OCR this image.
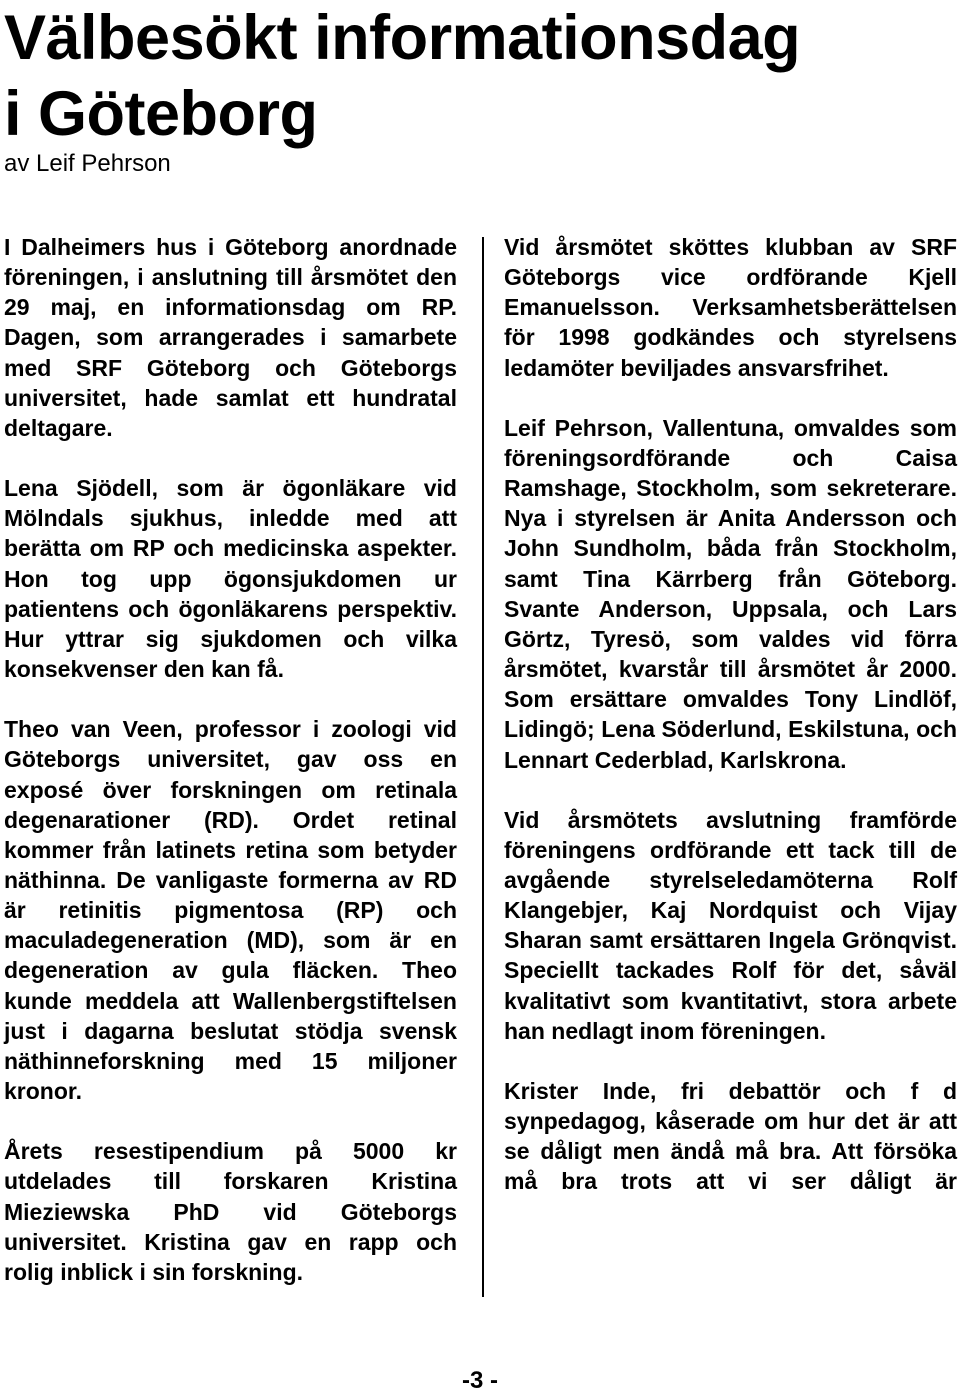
Välbesökt informationsdag
i Göteborg

av Leif Pehrson

I Dalheimers hus i Göteborg anordnade föreningen, i anslutning till årsmötet den 29 maj, en informationsdag om RP. Dagen, som arrangerades i samarbete med SRF Göteborg och Göteborgs universitet, hade samlat ett hundratal deltagare.

Lena Sjödell, som är ögonläkare vid Mölndals sjukhus, inledde med att berätta om RP och medicinska aspekter. Hon tog upp ögonsjukdomen ur patientens och ögonläkarens perspektiv. Hur yttrar sig sjukdomen och vilka konsekvenser den kan få.

Theo van Veen, professor i zoologi vid Göteborgs universitet, gav oss en exposé över forskningen om retinala degenarationer (RD). Ordet retinal kommer från latinets retina som betyder näthinna. De vanligaste formerna av RD är retinitis pigmentosa (RP) och maculadegeneration (MD), som är en degeneration av gula fläcken. Theo kunde meddela att Wallenbergstiftelsen just i dagarna beslutat stödja svensk näthinneforskning med 15 miljoner kronor.

Årets resestipendium på 5000 kr utdelades till forskaren Kristina Mieziewska PhD vid Göteborgs universitet. Kristina gav en rapp och rolig inblick i sin forskning.

Vid årsmötet sköttes klubban av SRF Göteborgs vice ordförande Kjell Emanuelsson. Verksamhetsberättelsen för 1998 godkändes och styrelsens ledamöter beviljades ansvarsfrihet.

Leif Pehrson, Vallentuna, omvaldes som föreningsordförande och Caisa Ramshage, Stockholm, som sekreterare. Nya i styrelsen är Anita Andersson och John Sundholm, båda från Stockholm, samt Tina Kärrberg från Göteborg. Svante Anderson, Uppsala, och Lars Görtz, Tyresö, som valdes vid förra årsmötet, kvarstår till årsmötet år 2000. Som ersättare omvaldes Tony Lindlöf, Lidingö; Lena Söderlund, Eskilstuna, och Lennart Cederblad, Karlskrona.

Vid årsmötets avslutning framförde föreningens ordförande ett tack till de avgående styrelseledamöterna Rolf Klangebjer, Kaj Nordquist och Vijay Sharan samt ersättaren Ingela Grönqvist. Speciellt tackades Rolf för det, såväl kvalitativt som kvantitativt, stora arbete han nedlagt inom föreningen.

Krister Inde, fri debattör och f d synpedagog, kåserade om hur det är att se dåligt men ändå må bra. Att försöka må bra trots att vi ser dåligt är

-3 -
